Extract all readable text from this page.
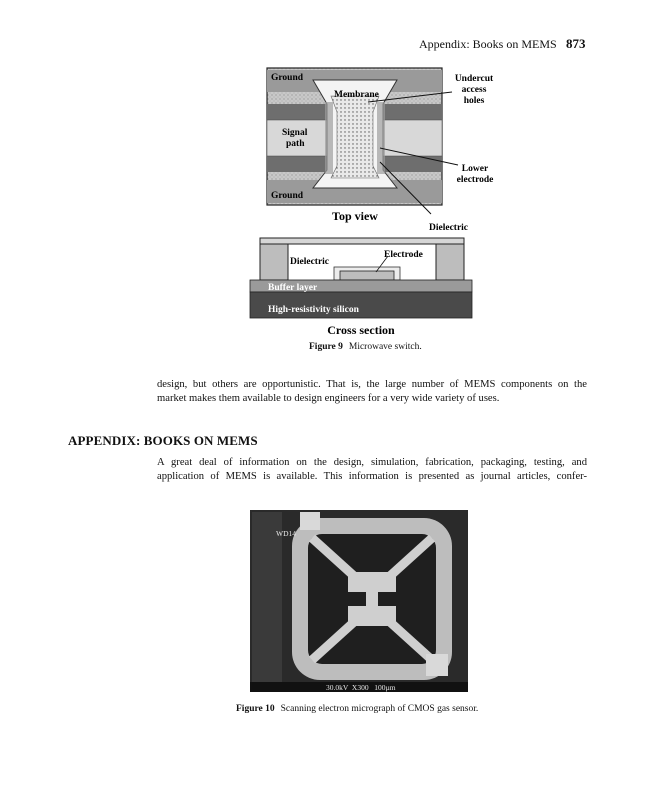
Appendix: Books on MEMS 873
Ground
Ground
Membrane
Signal
path
Undercut
access
holes
Lower
electrode
Dielectric
Top view
Dielectric
Electrode
Buffer layer
High-resistivity silicon
Cross section
Figure 9 Microwave switch.
design, but others are opportunistic. That is, the large number of MEMS components on the
market makes them available to design engineers for a very wide variety of uses.
APPENDIX: BOOKS ON MEMS
A great deal of information on the design, simulation, fabrication, packaging, testing, and
application of MEMS is available. This information is presented as journal articles, confer-
WD14
30.0kV  X300   100µm
Figure 10 Scanning electron micrograph of CMOS gas sensor.
